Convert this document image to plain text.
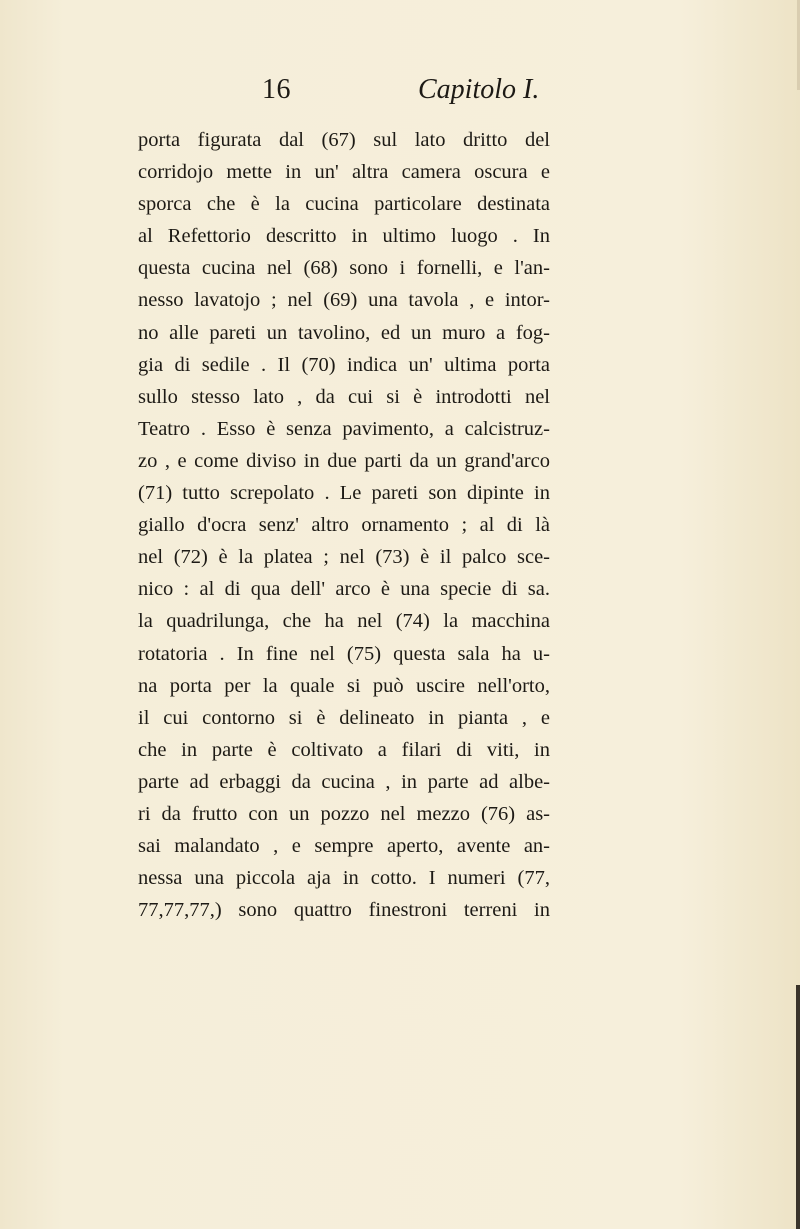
16	Capitolo I.
porta figurata dal (67) sul lato dritto del
corridojo mette in un' altra camera oscura e
sporca che è la cucina particolare destinata
al Refettorio descritto in ultimo luogo . In
questa cucina nel (68) sono i fornelli, e l'an-
nesso lavatojo ; nel (69) una tavola , e intor-
no alle pareti un tavolino, ed un muro a fog-
gia di sedile . Il (70) indica un' ultima porta
sullo stesso lato , da cui si è introdotti nel
Teatro . Esso è senza pavimento, a calcistruz-
zo , e come diviso in due parti da un grand'arco
(71) tutto screpolato . Le pareti son dipinte in
giallo d'ocra senz' altro ornamento ; al di là
nel (72) è la platea ; nel (73) è il palco sce-
nico : al di qua dell' arco è una specie di sa.
la quadrilunga, che ha nel (74) la macchina
rotatoria . In fine nel (75) questa sala ha u-
na porta per la quale si può uscire nell'orto,
il cui contorno si è delineato in pianta , e
che in parte è coltivato a filari di viti, in
parte ad erbaggi da cucina , in parte ad albe-
ri da frutto con un pozzo nel mezzo (76) as-
sai malandato , e sempre aperto, avente an-
nessa una piccola aja in cotto. I numeri (77,
77,77,77,) sono quattro finestroni terreni in
